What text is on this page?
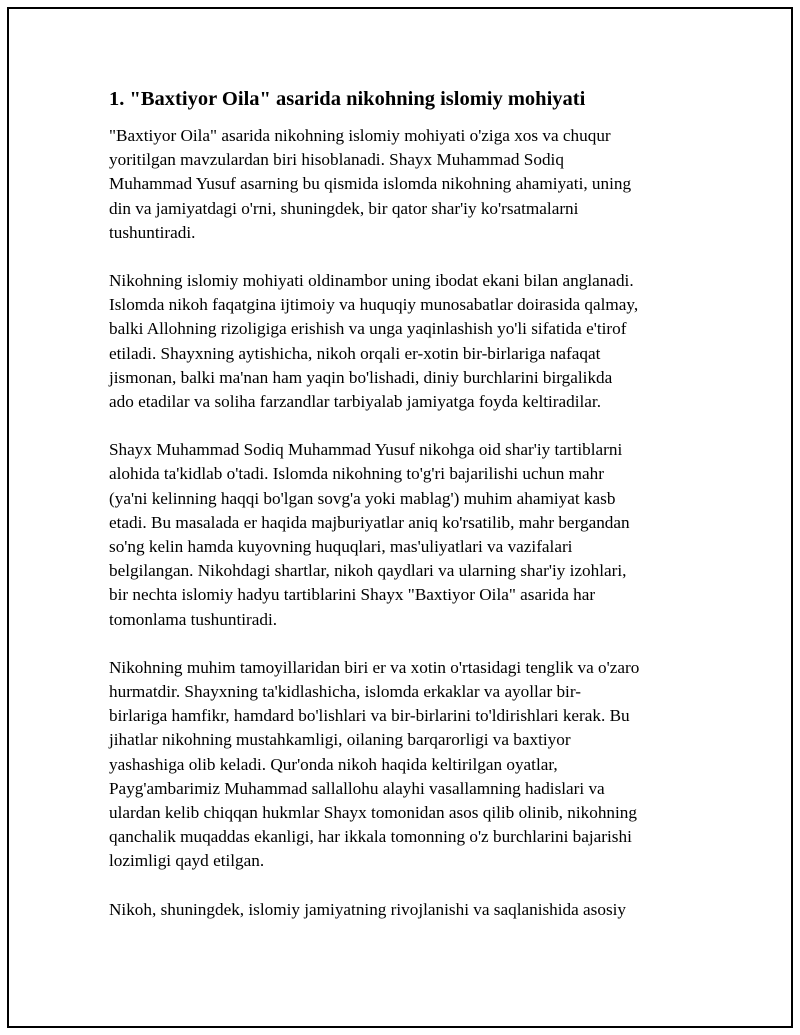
1. "Baxtiyor Oila" asarida nikohning islomiy mohiyati

"Baxtiyor Oila" asarida nikohning islomiy mohiyati o'ziga xos va chuqur
yoritilgan mavzulardan biri hisoblanadi. Shayx Muhammad Sodiq
Muhammad Yusuf asarning bu qismida islomda nikohning ahamiyati, uning
din va jamiyatdagi o'rni, shuningdek, bir qator shar'iy ko'rsatmalarni
tushuntiradi.

Nikohning islomiy mohiyati oldinambor uning ibodat ekani bilan anglanadi.
Islomda nikoh faqatgina ijtimoiy va huquqiy munosabatlar doirasida qalmay,
balki Allohning rizoligiga erishish va unga yaqinlashish yo'li sifatida e'tirof
etiladi. Shayxning aytishicha, nikoh orqali er-xotin bir-birlariga nafaqat
jismonan, balki ma'nan ham yaqin bo'lishadi, diniy burchlarini birgalikda
ado etadilar va soliha farzandlar tarbiyalab jamiyatga foyda keltiradilar.

Shayx Muhammad Sodiq Muhammad Yusuf nikohga oid shar'iy tartiblarni
alohida ta'kidlab o'tadi. Islomda nikohning to'g'ri bajarilishi uchun mahr
(ya'ni kelinning haqqi bo'lgan sovg'a yoki mablag') muhim ahamiyat kasb
etadi. Bu masalada er haqida majburiyatlar aniq ko'rsatilib, mahr bergandan
so'ng kelin hamda kuyovning huquqlari, mas'uliyatlari va vazifalari
belgilangan. Nikohdagi shartlar, nikoh qaydlari va ularning shar'iy izohlari,
bir nechta islomiy hadyu tartiblarini Shayx "Baxtiyor Oila" asarida har
tomonlama tushuntiradi.

Nikohning muhim tamoyillaridan biri er va xotin o'rtasidagi tenglik va o'zaro
hurmatdir. Shayxning ta'kidlashicha, islomda erkaklar va ayollar bir-
birlariga hamfikr, hamdard bo'lishlari va bir-birlarini to'ldirishlari kerak. Bu
jihatlar nikohning mustahkamligi, oilaning barqarorligi va baxtiyor
yashashiga olib keladi. Qur'onda nikoh haqida keltirilgan oyatlar,
Payg'ambarimiz Muhammad sallallohu alayhi vasallamning hadislari va
ulardan kelib chiqqan hukmlar Shayx tomonidan asos qilib olinib, nikohning
qanchalik muqaddas ekanligi, har ikkala tomonning o'z burchlarini bajarishi
lozimligi qayd etilgan.

Nikoh, shuningdek, islomiy jamiyatning rivojlanishi va saqlanishida asosiy
